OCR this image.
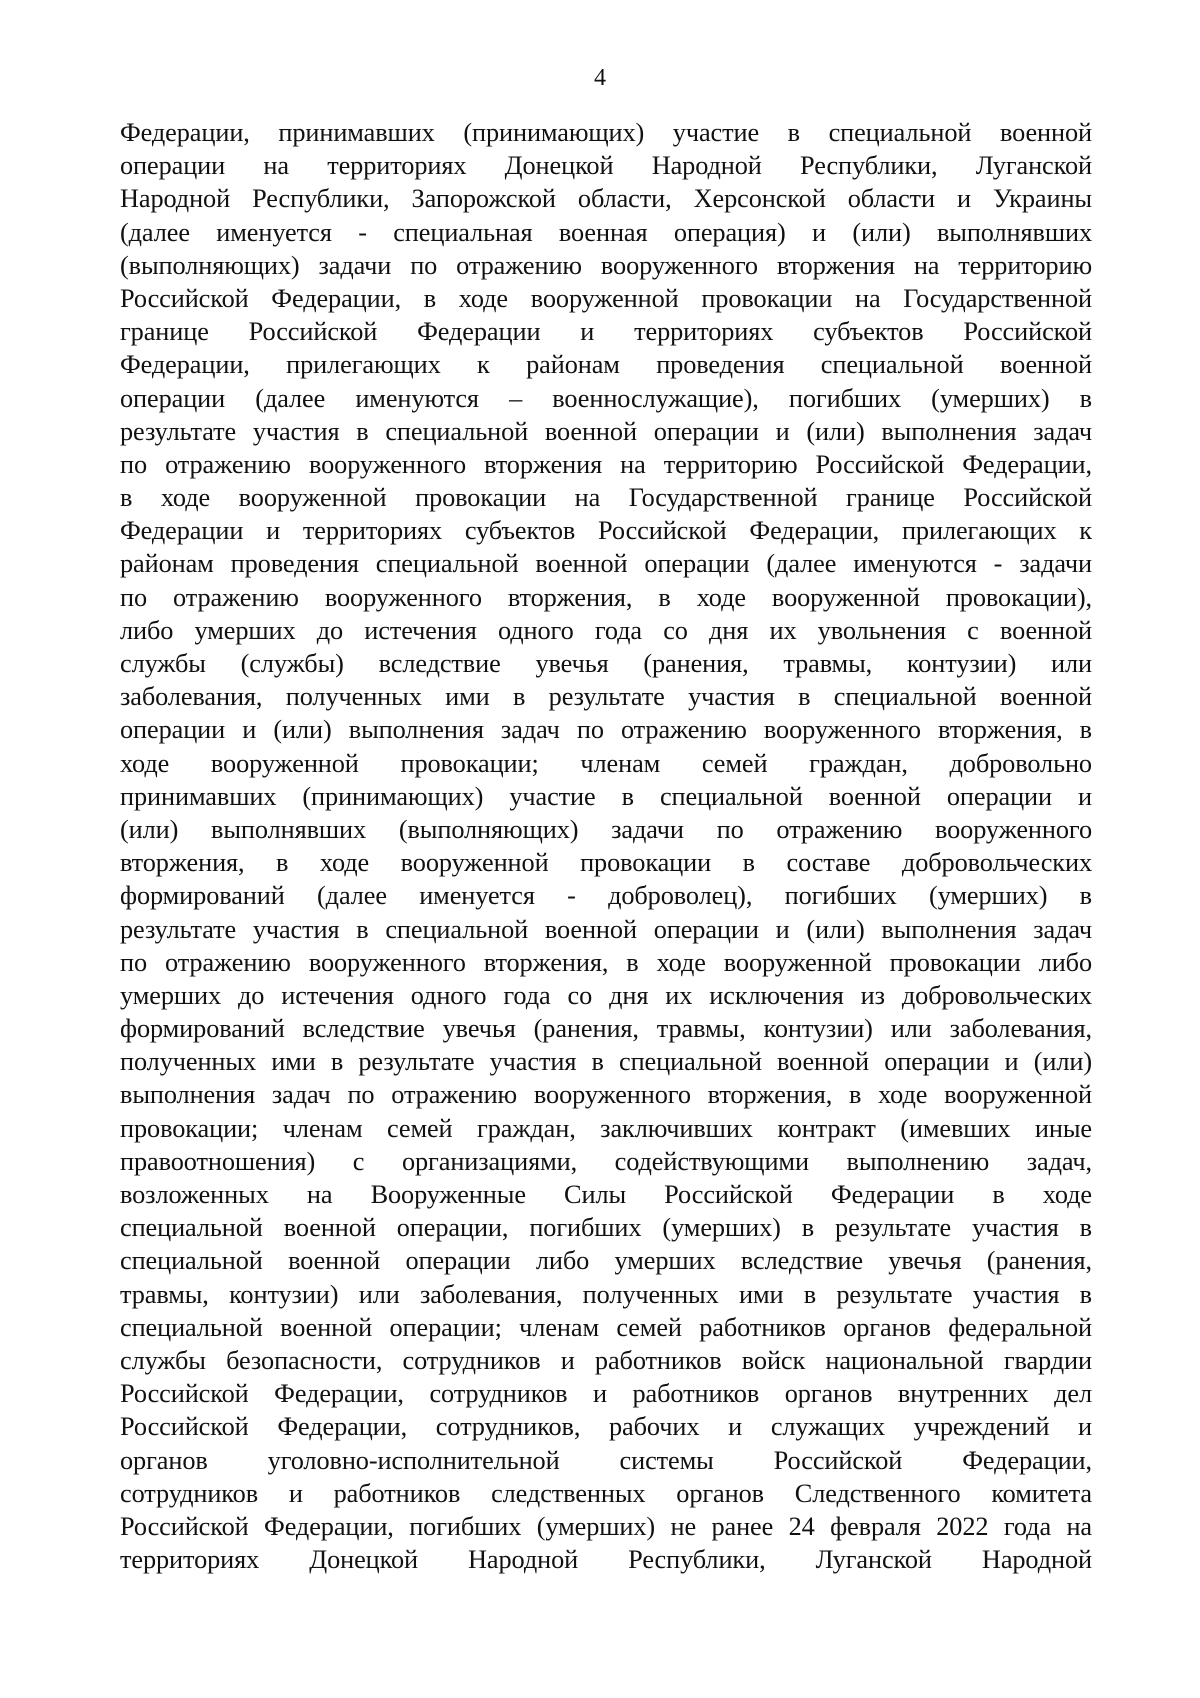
4
Федерации, принимавших (принимающих) участие в специальной военной
операции на территориях Донецкой Народной Республики, Луганской
Народной Республики, Запорожской области, Херсонской области и Украины
(далее именуется - специальная военная операция) и (или) выполнявших
(выполняющих) задачи по отражению вооруженного вторжения на территорию
Российской Федерации, в ходе вооруженной провокации на Государственной
границе Российской Федерации и территориях субъектов Российской
Федерации, прилегающих к районам проведения специальной военной
операции (далее именуются – военнослужащие), погибших (умерших) в
результате участия в специальной военной операции и (или) выполнения задач
по отражению вооруженного вторжения на территорию Российской Федерации,
в ходе вооруженной провокации на Государственной границе Российской
Федерации и территориях субъектов Российской Федерации, прилегающих к
районам проведения специальной военной операции (далее именуются - задачи
по отражению вооруженного вторжения, в ходе вооруженной провокации),
либо умерших до истечения одного года со дня их увольнения с военной
службы (службы) вследствие увечья (ранения, травмы, контузии) или
заболевания, полученных ими в результате участия в специальной военной
операции и (или) выполнения задач по отражению вооруженного вторжения, в
ходе вооруженной провокации; членам семей граждан, добровольно
принимавших (принимающих) участие в специальной военной операции и
(или) выполнявших (выполняющих) задачи по отражению вооруженного
вторжения, в ходе вооруженной провокации в составе добровольческих
формирований (далее именуется - доброволец), погибших (умерших) в
результате участия в специальной военной операции и (или) выполнения задач
по отражению вооруженного вторжения, в ходе вооруженной провокации либо
умерших до истечения одного года со дня их исключения из добровольческих
формирований вследствие увечья (ранения, травмы, контузии) или заболевания,
полученных ими в результате участия в специальной военной операции и (или)
выполнения задач по отражению вооруженного вторжения, в ходе вооруженной
провокации; членам семей граждан, заключивших контракт (имевших иные
правоотношения) с организациями, содействующими выполнению задач,
возложенных на Вооруженные Силы Российской Федерации в ходе
специальной военной операции, погибших (умерших) в результате участия в
специальной военной операции либо умерших вследствие увечья (ранения,
травмы, контузии) или заболевания, полученных ими в результате участия в
специальной военной операции; членам семей работников органов федеральной
службы безопасности, сотрудников и работников войск национальной гвардии
Российской Федерации, сотрудников и работников органов внутренних дел
Российской Федерации, сотрудников, рабочих и служащих учреждений и
органов уголовно-исполнительной системы Российской Федерации,
сотрудников и работников следственных органов Следственного комитета
Российской Федерации, погибших (умерших) не ранее 24 февраля 2022 года на
территориях Донецкой Народной Республики, Луганской Народной
